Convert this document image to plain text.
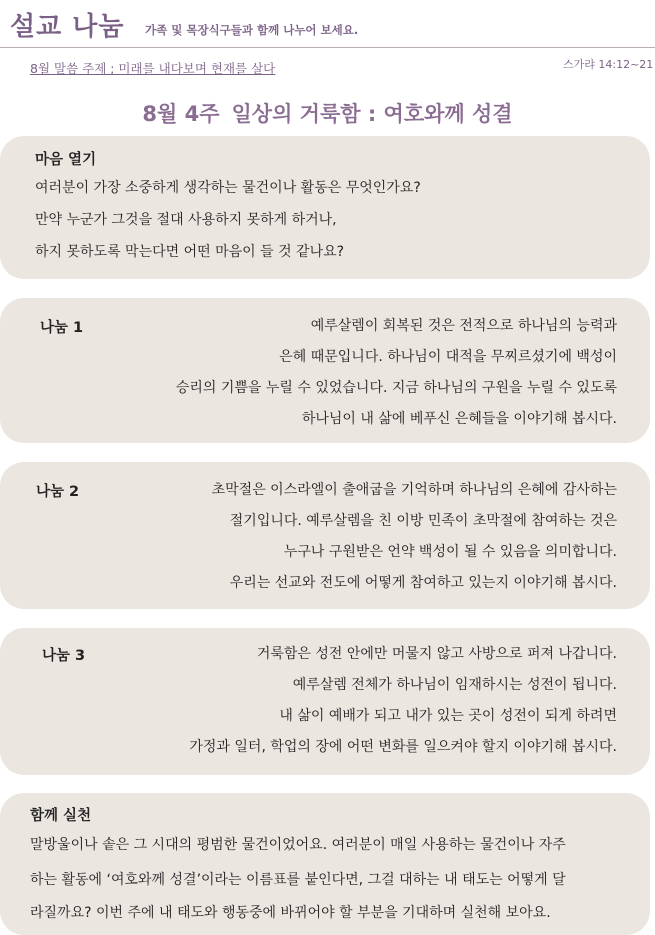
설교 나눔 가족 및 목장식구들과 함께 나누어 보세요.
8월 말씀 주제 ; 미래를 내다보며 현재를 살다	스가랴 14:12~21
8월 4주 일상의 거룩함 : 여호와께 성결
마음 열기
여러분이 가장 소중하게 생각하는 물건이나 활동은 무엇인가요?
만약 누군가 그것을 절대 사용하지 못하게 하거나,
하지 못하도록 막는다면 어떤 마음이 들 것 같나요?
나눔 1	예루살렘이 회복된 것은 전적으로 하나님의 능력과
은혜 때문입니다. 하나님이 대적을 무찌르셨기에 백성이
승리의 기쁨을 누릴 수 있었습니다. 지금 하나님의 구원을 누릴 수 있도록
하나님이 내 삶에 베푸신 은혜들을 이야기해 봅시다.
나눔 2	초막절은 이스라엘이 출애굽을 기억하며 하나님의 은혜에 감사하는
절기입니다. 예루살렘을 친 이방 민족이 초막절에 참여하는 것은
누구나 구원받은 언약 백성이 될 수 있음을 의미합니다.
우리는 선교와 전도에 어떻게 참여하고 있는지 이야기해 봅시다.
나눔 3	거룩함은 성전 안에만 머물지 않고 사방으로 퍼져 나갑니다.
예루살렘 전체가 하나님이 임재하시는 성전이 됩니다.
내 삶이 예배가 되고 내가 있는 곳이 성전이 되게 하려면
가정과 일터, 학업의 장에 어떤 변화를 일으켜야 할지 이야기해 봅시다.
함께 실천
말방울이나 솥은 그 시대의 평범한 물건이었어요. 여러분이 매일 사용하는 물건이나 자주
하는 활동에 ‘여호와께 성결’이라는 이름표를 붙인다면, 그걸 대하는 내 태도는 어떻게 달
라질까요? 이번 주에 내 태도와 행동중에 바뀌어야 할 부분을 기대하며 실천해 보아요.
